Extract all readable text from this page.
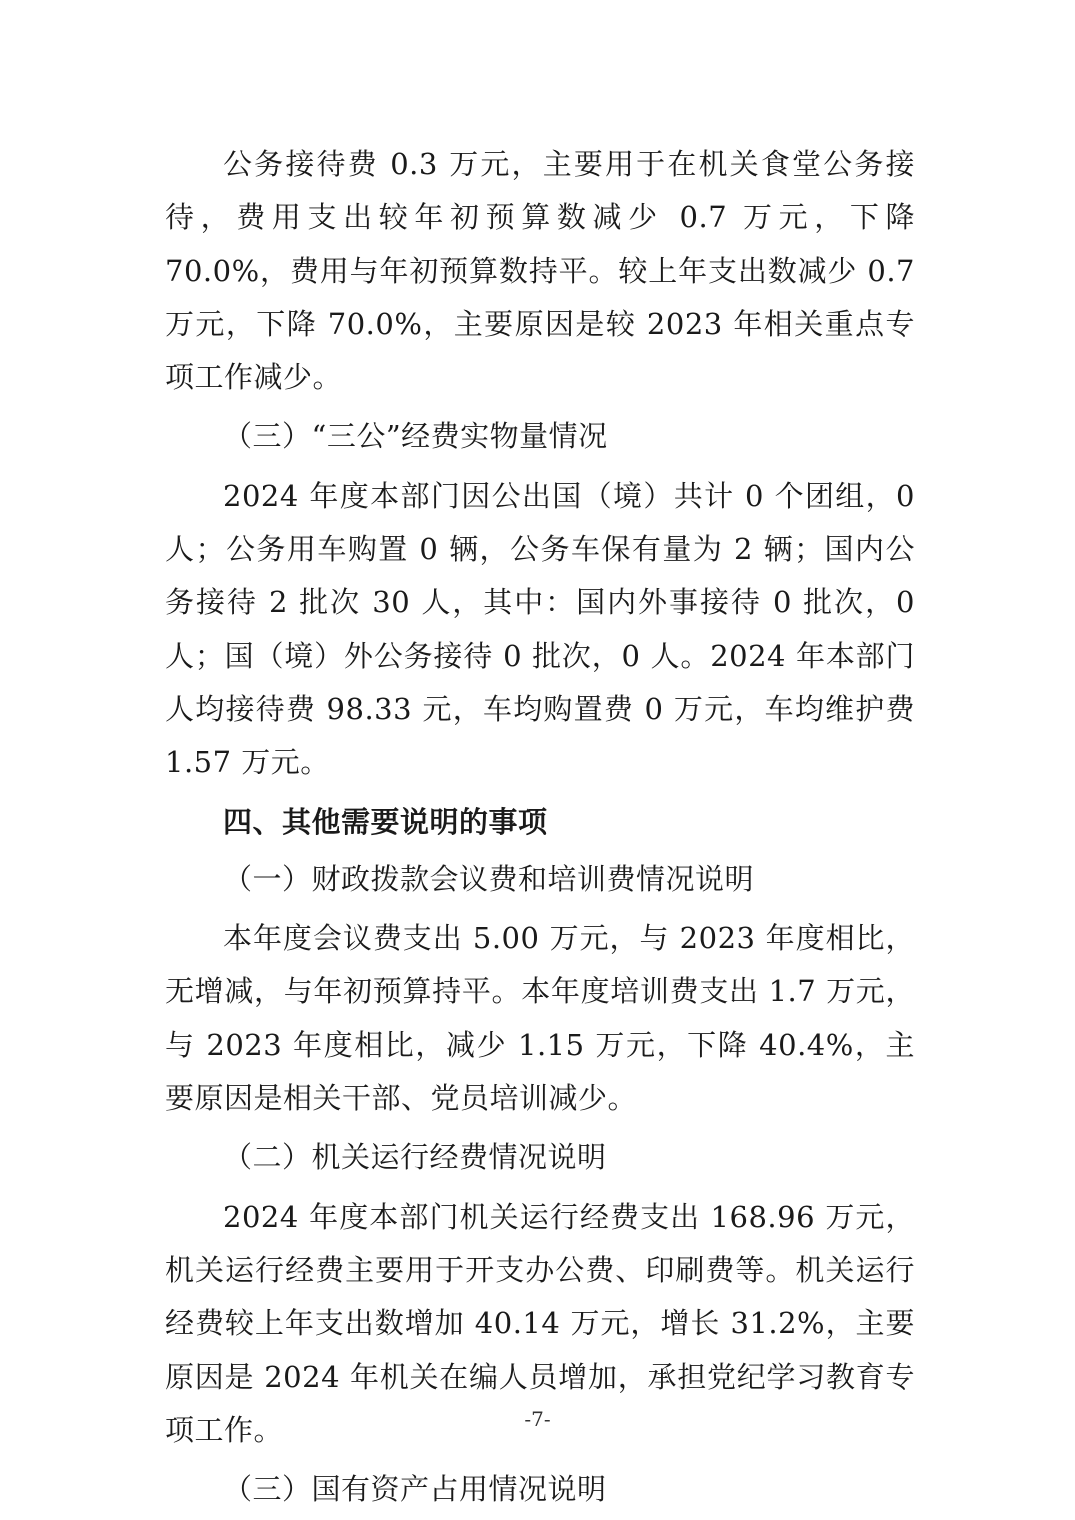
公务接待费 0.3 万元，主要用于在机关食堂公务接待，费用支出较年初预算数减少 0.7 万元，下降 70.0%，费用与年初预算数持平。较上年支出数减少 0.7 万元，下降 70.0%，主要原因是较 2023 年相关重点专项工作减少。

（三）“三公”经费实物量情况

2024 年度本部门因公出国（境）共计 0 个团组，0 人；公务用车购置 0 辆，公务车保有量为 2 辆；国内公务接待 2 批次 30 人，其中：国内外事接待 0 批次，0 人；国（境）外公务接待 0 批次，0 人。2024 年本部门人均接待费 98.33 元，车均购置费 0 万元，车均维护费 1.57 万元。

四、其他需要说明的事项

（一）财政拨款会议费和培训费情况说明

本年度会议费支出 5.00 万元，与 2023 年度相比，无增减，与年初预算持平。本年度培训费支出 1.7 万元，与 2023 年度相比，减少 1.15 万元，下降 40.4%，主要原因是相关干部、党员培训减少。

（二）机关运行经费情况说明

2024 年度本部门机关运行经费支出 168.96 万元，机关运行经费主要用于开支办公费、印刷费等。机关运行经费较上年支出数增加 40.14 万元，增长 31.2%，主要原因是 2024 年机关在编人员增加，承担党纪学习教育专项工作。

（三）国有资产占用情况说明

-7-
